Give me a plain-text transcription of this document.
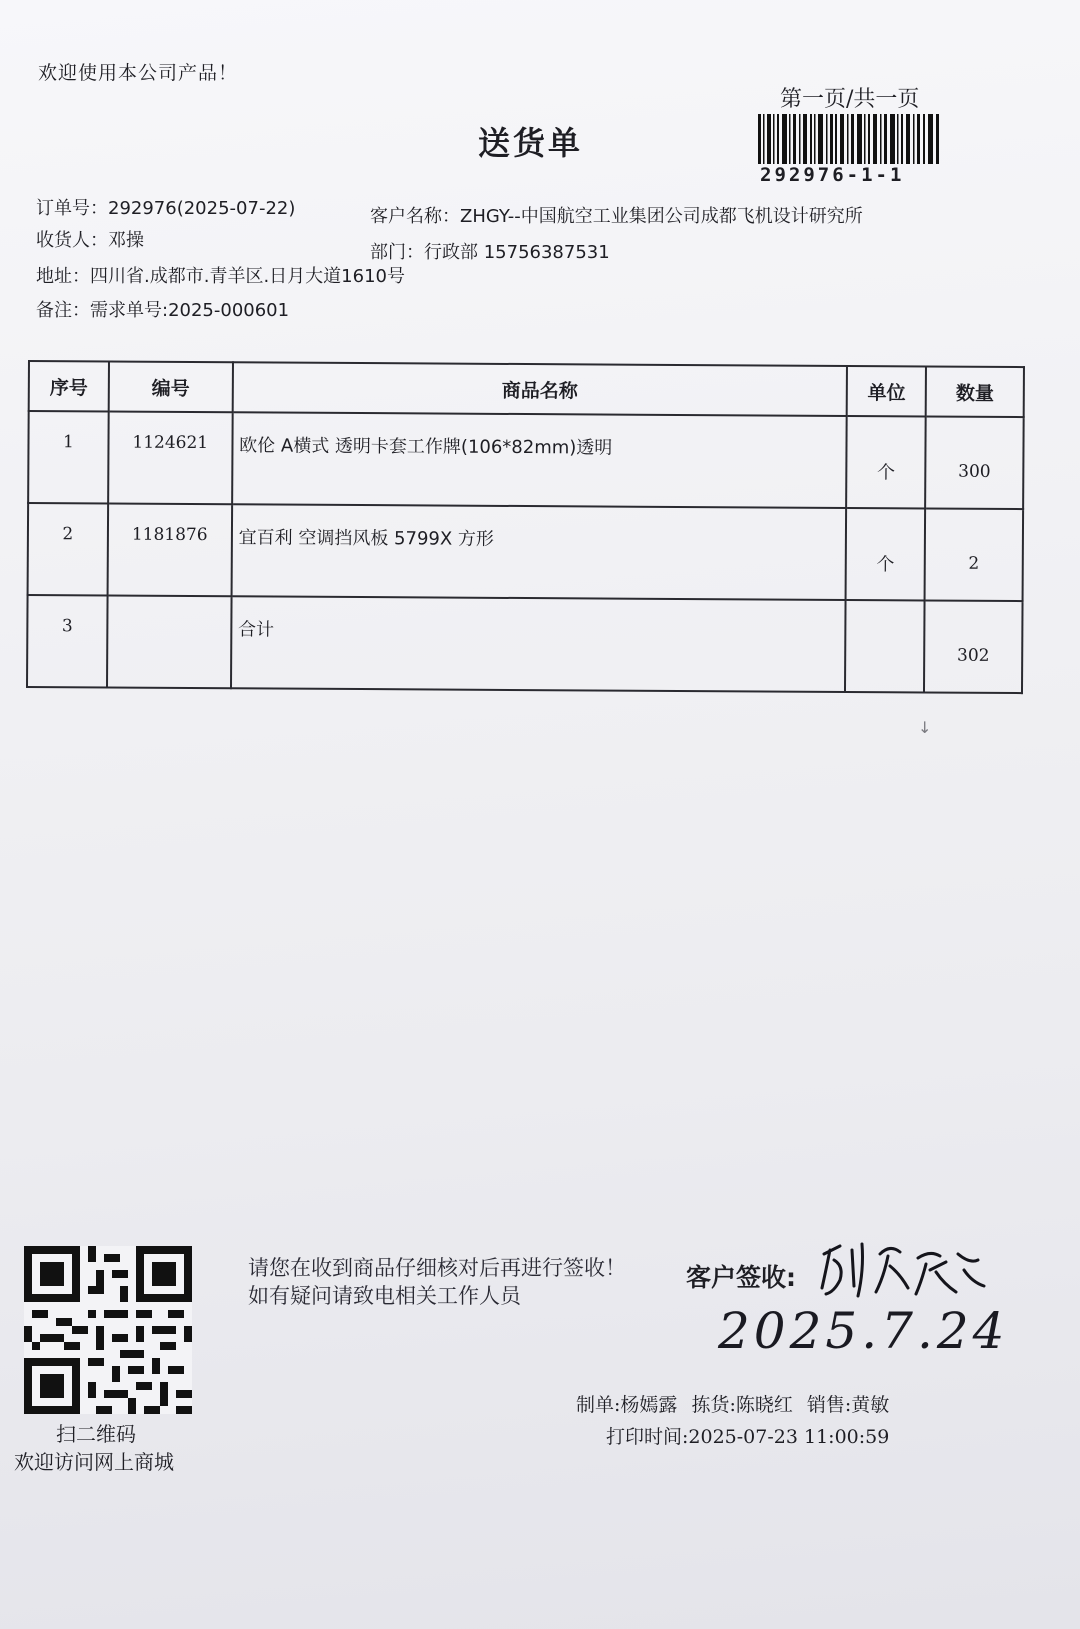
欢迎使用本公司产品！
第一页/共一页
送货单
292976-1-1
订单号：292976(2025-07-22)
收货人：邓操
地址：四川省.成都市.青羊区.日月大道1610号
备注：需求单号:2025-000601
客户名称：ZHGY--中国航空工业集团公司成都飞机设计研究所
部门：行政部 15756387531
序号	编号	商品名称	单位	数量
1	1124621	欧伦 A横式 透明卡套工作牌(106*82mm)透明	个	300
2	1181876	宜百利 空调挡风板 5799X 方形	个	2
3		合计		302
↓
扫二维码
欢迎访问网上商城
请您在收到商品仔细核对后再进行签收！如有疑问请致电相关工作人员
客户签收:
2025.7.24
制单:杨嫣露 拣货:陈晓红 销售:黄敏
打印时间:2025-07-23 11:00:59
